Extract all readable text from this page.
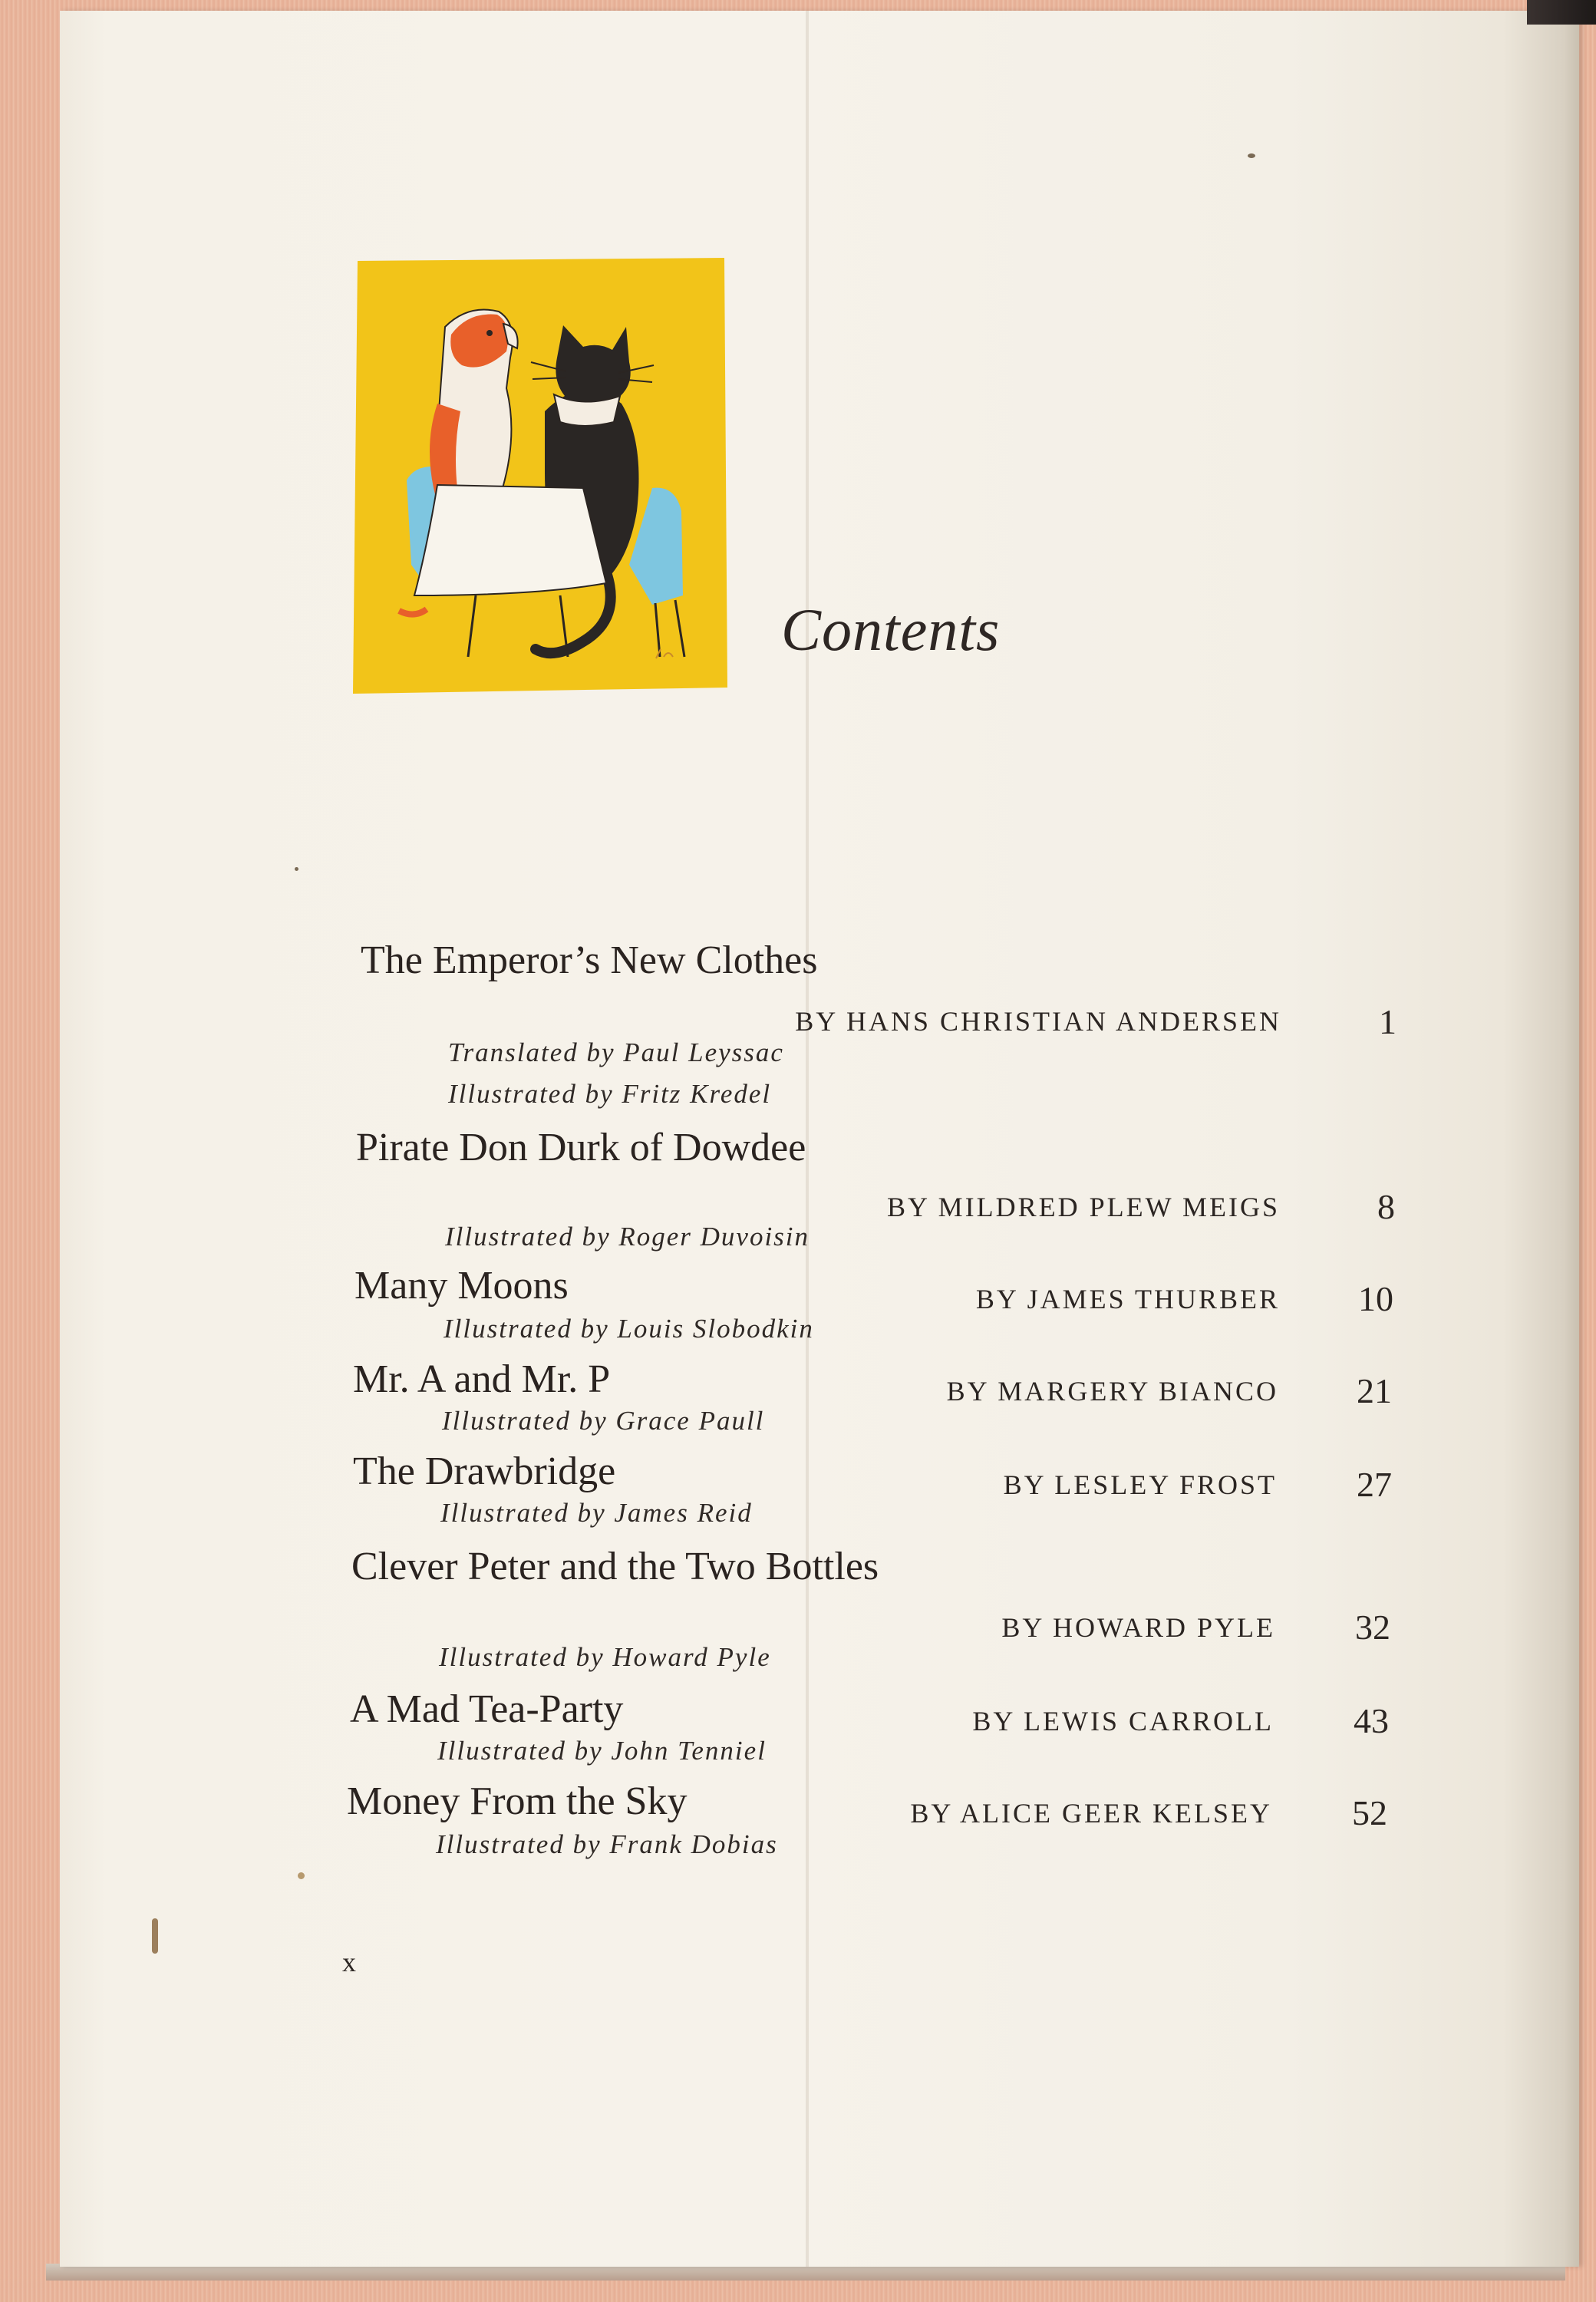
Contents
The Emperor’s New Clothes
BY HANS CHRISTIAN ANDERSEN	1
Translated by Paul Leyssac
Illustrated by Fritz Kredel
Pirate Don Durk of Dowdee
BY MILDRED PLEW MEIGS	8
Illustrated by Roger Duvoisin
Many Moons	BY JAMES THURBER	10
Illustrated by Louis Slobodkin
Mr. A and Mr. P	BY MARGERY BIANCO	21
Illustrated by Grace Paull
The Drawbridge	BY LESLEY FROST	27
Illustrated by James Reid
Clever Peter and the Two Bottles
BY HOWARD PYLE	32
Illustrated by Howard Pyle
A Mad Tea-Party	BY LEWIS CARROLL	43
Illustrated by John Tenniel
Money From the Sky	BY ALICE GEER KELSEY	52
Illustrated by Frank Dobias
x
